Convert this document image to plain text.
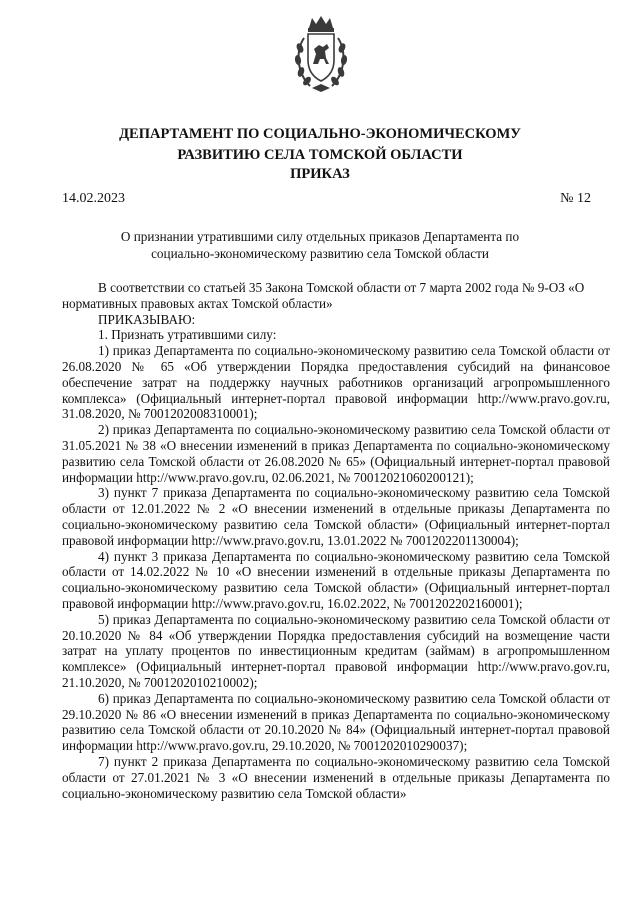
ДЕПАРТАМЕНТ ПО СОЦИАЛЬНО-ЭКОНОМИЧЕСКОМУ
РАЗВИТИЮ СЕЛА ТОМСКОЙ ОБЛАСТИ
ПРИКАЗ
14.02.2023	№ 12

О признании утратившими силу отдельных приказов Департамента по
социально-экономическому развитию села Томской области

В соответствии со статьей 35 Закона Томской области от 7 марта 2002 года № 9-ОЗ «О нормативных правовых актах Томской области»

ПРИКАЗЫВАЮ:

1. Признать утратившими силу:

1) приказ Департамента по социально-экономическому развитию села Томской области от 26.08.2020 № 65 «Об утверждении Порядка предоставления субсидий на финансовое обеспечение затрат на поддержку научных работников организаций агропромышленного комплекса» (Официальный интернет-портал правовой информации http://www.pravo.gov.ru, 31.08.2020, № 7001202008310001);

2) приказ Департамента по социально-экономическому развитию села Томской области от 31.05.2021 № 38 «О внесении изменений в приказ Департамента по социально-экономическому развитию села Томской области от 26.08.2020 № 65» (Официальный интернет-портал правовой информации http://www.pravo.gov.ru, 02.06.2021, № 70012021060200121);

3) пункт 7 приказа Департамента по социально-экономическому развитию села Томской области от 12.01.2022 № 2 «О внесении изменений в отдельные приказы Департамента по социально-экономическому развитию села Томской области» (Официальный интернет-портал правовой информации http://www.pravo.gov.ru, 13.01.2022 № 7001202201130004);

4) пункт 3 приказа Департамента по социально-экономическому развитию села Томской области от 14.02.2022 № 10 «О внесении изменений в отдельные приказы Департамента по социально-экономическому развитию села Томской области» (Официальный интернет-портал правовой информации http://www.pravo.gov.ru, 16.02.2022, № 7001202202160001);

5) приказ Департамента по социально-экономическому развитию села Томской области от 20.10.2020 № 84 «Об утверждении Порядка предоставления субсидий на возмещение части затрат на уплату процентов по инвестиционным кредитам (займам) в агропромышленном комплексе» (Официальный интернет-портал правовой информации http://www.pravo.gov.ru, 21.10.2020, № 7001202010210002);

6) приказ Департамента по социально-экономическому развитию села Томской области от 29.10.2020 № 86 «О внесении изменений в приказ Департамента по социально-экономическому развитию села Томской области от 20.10.2020 № 84» (Официальный интернет-портал правовой информации http://www.pravo.gov.ru, 29.10.2020, № 7001202010290037);

7) пункт 2 приказа Департамента по социально-экономическому развитию села Томской области от 27.01.2021 № 3 «О внесении изменений в отдельные приказы Департамента по социально-экономическому развитию села Томской области»
